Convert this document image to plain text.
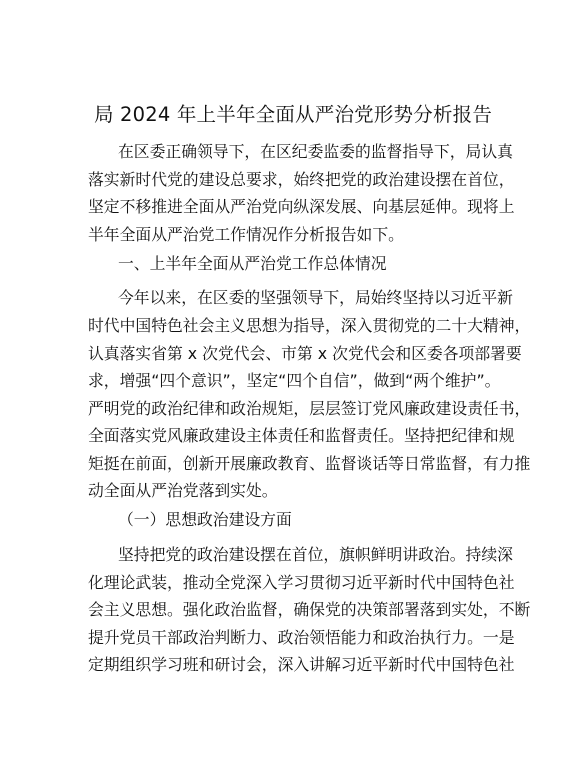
局 2024 年上半年全面从严治党形势分析报告
在区委正确领导下，在区纪委监委的监督指导下，局认真
落实新时代党的建设总要求，始终把党的政治建设摆在首位，
坚定不移推进全面从严治党向纵深发展、向基层延伸。现将上
半年全面从严治党工作情况作分析报告如下。
一、上半年全面从严治党工作总体情况
今年以来，在区委的坚强领导下，局始终坚持以习近平新
时代中国特色社会主义思想为指导，深入贯彻党的二十大精神，
认真落实省第 x 次党代会、市第 x 次党代会和区委各项部署要
求，增强“四个意识”，坚定“四个自信”，做到“两个维护”。
严明党的政治纪律和政治规矩，层层签订党风廉政建设责任书，
全面落实党风廉政建设主体责任和监督责任。坚持把纪律和规
矩挺在前面，创新开展廉政教育、监督谈话等日常监督，有力推
动全面从严治党落到实处。
（一）思想政治建设方面
坚持把党的政治建设摆在首位，旗帜鲜明讲政治。持续深
化理论武装，推动全党深入学习贯彻习近平新时代中国特色社
会主义思想。强化政治监督，确保党的决策部署落到实处，不断
提升党员干部政治判断力、政治领悟能力和政治执行力。一是
定期组织学习班和研讨会，深入讲解习近平新时代中国特色社
